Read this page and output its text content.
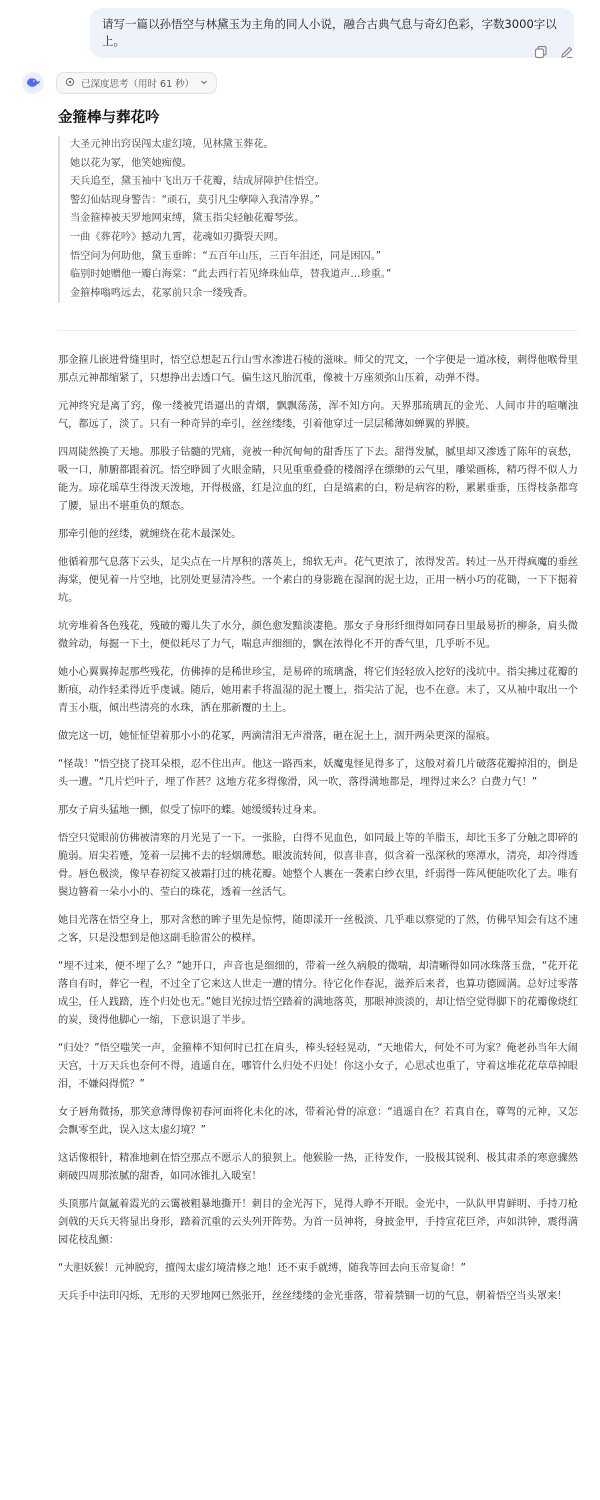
请写一篇以孙悟空与林黛玉为主角的同人小说，融合古典气息与奇幻色彩，字数3000字以上。
已深度思考（用时 61 秒）
金箍棒与葬花吟
大圣元神出窍误闯太虚幻境，见林黛玉葬花。
她以花为冢，他笑她痴傻。
天兵追至，黛玉袖中飞出万千花瓣，结成屏障护住悟空。
警幻仙姑现身警告：“顽石，莫引凡尘孽障入我清净界。”
当金箍棒被天罗地网束缚，黛玉指尖轻触花瓣琴弦。
一曲《葬花吟》撼动九霄，花魂如刃撕裂天网。
悟空问为何助他，黛玉垂眸：“五百年山压，三百年泪还，同是困囚。”
临别时她赠他一瓣白海棠：“此去西行若见绛珠仙草，替我道声…珍重。”
金箍棒嗡鸣远去，花冢前只余一缕残香。

那金箍儿嵌进骨缝里时，悟空总想起五行山雪水渗进石棱的滋味。师父的咒文，一个字便是一道冰棱，刺得他喉骨里那点元神都缩紧了，只想挣出去透口气。偏生这凡胎沉重，像被十万座须弥山压着，动弹不得。

元神终究是离了窍，像一缕被咒语逼出的青烟，飘飘荡荡，浑不知方向。天界那琉璃瓦的金光、人间市井的喧嚷浊气，都远了，淡了。只有一种奇异的牵引，丝丝缕缕，引着他穿过一层层稀薄如蝉翼的界膜。

四周陡然换了天地。那股子钻髓的咒痛，竟被一种沉甸甸的甜香压了下去。甜得发腻，腻里却又渗透了陈年的哀愁，吸一口，肺腑都跟着沉。悟空睁圆了火眼金睛，只见重重叠叠的楼阁浮在缥缈的云气里，雕梁画栋，精巧得不似人力能为。琼花瑶草生得泼天泼地，开得极盛，红是泣血的红，白是缟素的白，粉是病容的粉，累累垂垂，压得枝条都弯了腰，显出不堪重负的颓态。

那牵引他的丝缕，就缠绕在花木最深处。

他循着那气息落下云头，足尖点在一片厚积的落英上，绵软无声。花气更浓了，浓得发苦。转过一丛开得疯魔的垂丝海棠，便见着一片空地，比别处更显清冷些。一个素白的身影跪在湿润的泥土边，正用一柄小巧的花锄，一下下掘着坑。

坑旁堆着各色残花，残破的瓣儿失了水分，颜色愈发黯淡凄艳。那女子身形纤细得如同春日里最易折的柳条，肩头微微耸动，每掘一下土，便似耗尽了力气，喘息声细细的，飘在浓得化不开的香气里，几乎听不见。

她小心翼翼捧起那些残花，仿佛捧的是稀世珍宝，是易碎的琉璃盏，将它们轻轻放入挖好的浅坑中。指尖拂过花瓣的断痕，动作轻柔得近乎虔诚。随后，她用素手将温湿的泥土覆上，指尖沾了泥，也不在意。末了，又从袖中取出一个青玉小瓶，倾出些清亮的水珠，洒在那新覆的土上。

做完这一切，她怔怔望着那小小的花冢，两滴清泪无声滑落，砸在泥土上，洇开两朵更深的湿痕。

“怪哉！”悟空挠了挠耳朵根，忍不住出声。他这一路西来，妖魔鬼怪见得多了，这般对着几片破落花瓣掉泪的，倒是头一遭。“几片烂叶子，埋了作甚？这地方花多得像滑，风一吹，落得满地都是，埋得过来么？白费力气！”

那女子肩头猛地一颤，似受了惊吓的蝶。她缓缓转过身来。

悟空只觉眼前仿佛被清寒的月光晃了一下。一张脸，白得不见血色，如同最上等的羊脂玉，却比玉多了分触之即碎的脆弱。眉尖若蹙，笼着一层拂不去的轻烟薄愁。眼波流转间，似喜非喜，似含着一泓深秋的寒潭水，清亮，却冷得透骨。唇色极淡，像早春初绽又被霜打过的桃花瓣。她整个人裹在一袭素白纱衣里，纤弱得一阵风便能吹化了去。唯有鬓边簪着一朵小小的、莹白的珠花，透着一丝活气。

她目光落在悟空身上，那对含愁的眸子里先是惊愕，随即漾开一丝极淡、几乎难以察觉的了然，仿佛早知会有这不速之客，只是没想到是他这副毛脸雷公的模样。

“埋不过来，便不埋了么？”她开口，声音也是细细的，带着一丝久病般的微喘，却清晰得如同冰珠落玉盘，“花开花落自有时，葬它一程，不过全了它来这人世走一遭的情分。待它化作春泥，滋养后来者，也算功德圆满。总好过零落成尘，任人践踏，连个归处也无。”她目光掠过悟空踏着的满地落英，那眼神淡淡的，却让悟空觉得脚下的花瓣像烧红的炭，烫得他脚心一缩，下意识退了半步。

“归处？”悟空嗤笑一声，金箍棒不知何时已扛在肩头，棒头轻轻晃动，“天地偌大，何处不可为家？俺老孙当年大闹天宫，十万天兵也奈何不得，逍遥自在，哪管什么归处不归处！你这小女子，心思忒也重了，守着这堆花花草草掉眼泪，不嫌闷得慌？”

女子唇角微扬，那笑意薄得像初春河面将化未化的冰，带着沁骨的凉意：“逍遥自在？若真自在，尊驾的元神，又怎会飘零至此，误入这太虚幻境？”

这话像根针，精准地刺在悟空那点不愿示人的狼狈上。他猴脸一热，正待发作，一股极其锐利、极其肃杀的寒意骤然刺破四周那浓腻的甜香，如同冰锥扎入暖室！

头顶那片氤氲着霞光的云霭被粗暴地撕开！刺目的金光泻下，晃得人睁不开眼。金光中，一队队甲胄鲜明、手持刀枪剑戟的天兵天将显出身形，踏着沉重的云头列开阵势。为首一员神将，身披金甲，手持宣花巨斧，声如洪钟，震得满园花枝乱颤：

“大胆妖猴！元神脱窍，擅闯太虚幻境清修之地！还不束手就缚，随我等回去向玉帝复命！”

天兵手中法印闪烁，无形的天罗地网已然张开，丝丝缕缕的金光垂落，带着禁锢一切的气息，朝着悟空当头罩来！
